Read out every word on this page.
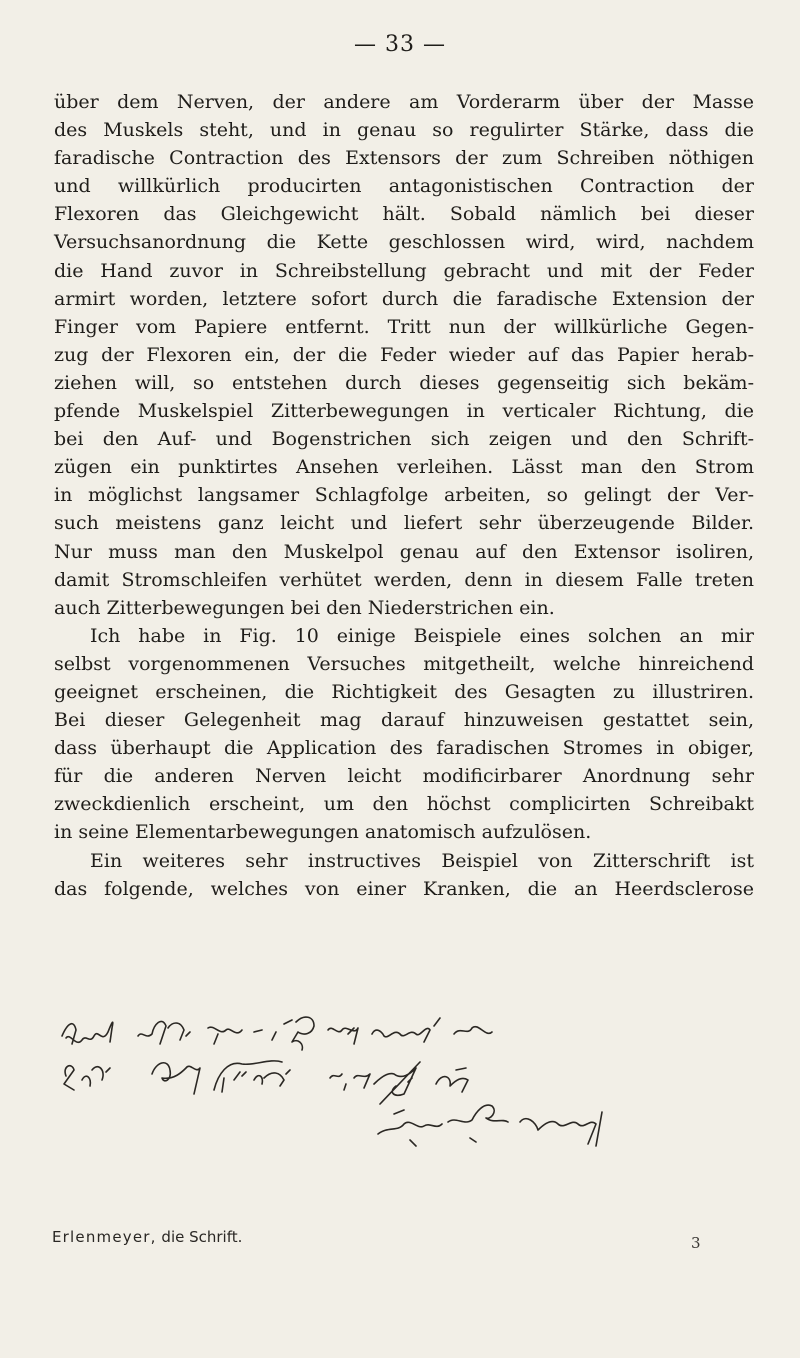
— 33 —
über dem Nerven, der andere am Vorderarm über der Masse
des Muskels steht, und in genau so regulirter Stärke, dass die
faradische Contraction des Extensors der zum Schreiben nöthigen
und willkürlich producirten antagonistischen Contraction der
Flexoren das Gleichgewicht hält. Sobald nämlich bei dieser
Versuchsanordnung die Kette geschlossen wird, wird, nachdem
die Hand zuvor in Schreibstellung gebracht und mit der Feder
armirt worden, letztere sofort durch die faradische Extension der
Finger vom Papiere entfernt. Tritt nun der willkürliche Gegen-
zug der Flexoren ein, der die Feder wieder auf das Papier herab-
ziehen will, so entstehen durch dieses gegenseitig sich bekäm-
pfende Muskelspiel Zitterbewegungen in verticaler Richtung, die
bei den Auf- und Bogenstrichen sich zeigen und den Schrift-
zügen ein punktirtes Ansehen verleihen. Lässt man den Strom
in möglichst langsamer Schlagfolge arbeiten, so gelingt der Ver-
such meistens ganz leicht und liefert sehr überzeugende Bilder.
Nur muss man den Muskelpol genau auf den Extensor isoliren,
damit Stromschleifen verhütet werden, denn in diesem Falle treten
auch Zitterbewegungen bei den Niederstrichen ein.
Ich habe in Fig. 10 einige Beispiele eines solchen an mir
selbst vorgenommenen Versuches mitgetheilt, welche hinreichend
geeignet erscheinen, die Richtigkeit des Gesagten zu illustriren.
Bei dieser Gelegenheit mag darauf hinzuweisen gestattet sein,
dass überhaupt die Application des faradischen Stromes in obiger,
für die anderen Nerven leicht modificirbarer Anordnung sehr
zweckdienlich erscheint, um den höchst complicirten Schreibakt
in seine Elementarbewegungen anatomisch aufzulösen.
Ein weiteres sehr instructives Beispiel von Zitterschrift ist
das folgende, welches von einer Kranken, die an Heerdsclerose
Erlenmeyer, die Schrift.	3
